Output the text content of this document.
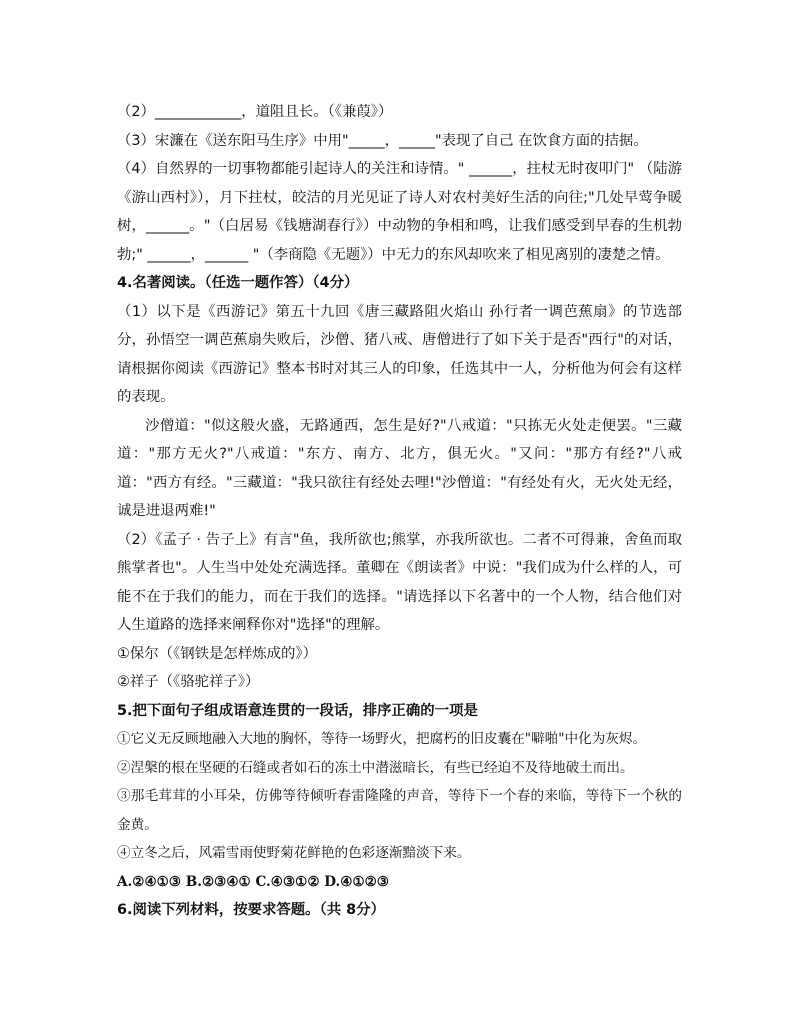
（2）____________，道阻且长。（《兼葭》）

（3）宋濂在《送东阳马生序》中用"_____，_____"表现了自己 在饮食方面的拮据。

（4）自然界的一切事物都能引起诗人的关注和诗情。" ______，拄杖无时夜叩门" （陆游《游山西村》），月下拄杖，皎洁的月光见证了诗人对农村美好生活的向往;"几处早莺争暖树，______。"（白居易《钱塘湖春行》）中动物的争相和鸣，让我们感受到早春的生机勃勃;" ______，______ "（李商隐《无题》）中无力的东风却吹来了相见离别的凄楚之情。

4.名著阅读。（任选一题作答）（4分）

（1）以下是《西游记》第五十九回《唐三藏路阻火焰山 孙行者一调芭蕉扇》的节选部分，孙悟空一调芭蕉扇失败后，沙僧、猪八戒、唐僧进行了如下关于是否"西行"的对话，请根据你阅读《西游记》整本书时对其三人的印象，任选其中一人，分析他为何会有这样的表现。

沙僧道："似这般火盛，无路通西，怎生是好?"八戒道："只拣无火处走便罢。"三藏道："那方无火?"八戒道："东方、南方、北方，俱无火。"又问："那方有经?"八戒道："西方有经。"三藏道："我只欲往有经处去哩!"沙僧道："有经处有火，无火处无经，诚是进退两难!"

（2）《孟子 · 告子上》有言"鱼，我所欲也;熊掌，亦我所欲也。二者不可得兼，舍鱼而取熊掌者也"。人生当中处处充满选择。董卿在《朗读者》中说："我们成为什么样的人，可能不在于我们的能力，而在于我们的选择。"请选择以下名著中的一个人物，结合他们对人生道路的选择来阐释你对"选择"的理解。

①保尔（《钢铁是怎样炼成的》）

②祥子（《骆驼祥子》）

5.把下面句子组成语意连贯的一段话，排序正确的一项是

①它义无反顾地融入大地的胸怀，等待一场野火，把腐朽的旧皮囊在"噼啪"中化为灰烬。

②涅槃的根在坚硬的石缝或者如石的冻土中潜滋暗长，有些已经迫不及待地破土而出。

③那毛茸茸的小耳朵，仿佛等待倾听春雷隆隆的声音，等待下一个春的来临，等待下一个秋的金黄。

④立冬之后，风霜雪雨使野菊花鲜艳的色彩逐渐黯淡下来。

A.②④①③ B.②③④① C.④③①② D.④①②③

6.阅读下列材料，按要求答题。（共 8分）
